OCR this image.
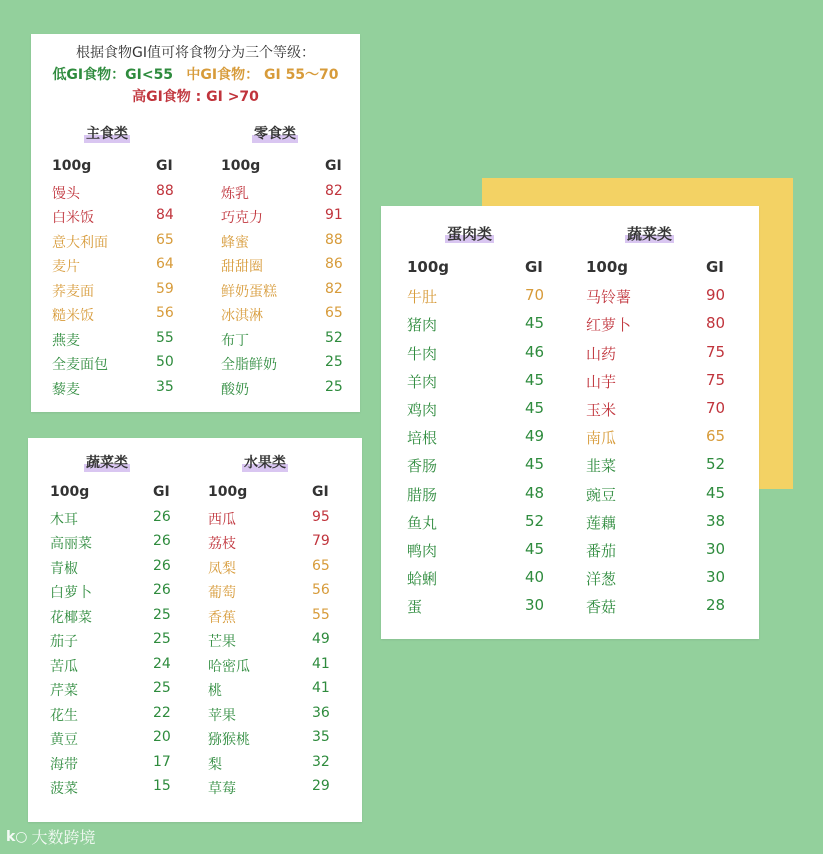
根据食物GI值可将食物分为三个等级：
低GI食物：GI<55 中GI食物： GI 55～70
高GI食物 : GI >70
主食类	零食类
100g	GI
馒头	88
白米饭	84
意大利面	65
麦片	64
荞麦面	59
糙米饭	56
燕麦	55
全麦面包	50
藜麦	35
100g	GI
炼乳	82
巧克力	91
蜂蜜	88
甜甜圈	86
鲜奶蛋糕	82
冰淇淋	65
布丁	52
全脂鲜奶	25
酸奶	25
蔬菜类	水果类
100g	GI
木耳	26
高丽菜	26
青椒	26
白萝卜	26
花椰菜	25
茄子	25
苦瓜	24
芹菜	25
花生	22
黄豆	20
海带	17
菠菜	15
100g	GI
西瓜	95
荔枝	79
凤梨	65
葡萄	56
香蕉	55
芒果	49
哈密瓜	41
桃	41
苹果	36
猕猴桃	35
梨	32
草莓	29
蛋肉类	蔬菜类
100g	GI
牛肚	70
猪肉	45
牛肉	46
羊肉	45
鸡肉	45
培根	49
香肠	45
腊肠	48
鱼丸	52
鸭肉	45
蛤蜊	40
蛋	30
100g	GI
马铃薯	90
红萝卜	80
山药	75
山芋	75
玉米	70
南瓜	65
韭菜	52
豌豆	45
莲藕	38
番茄	30
洋葱	30
香菇	28
k○ 大数跨境
